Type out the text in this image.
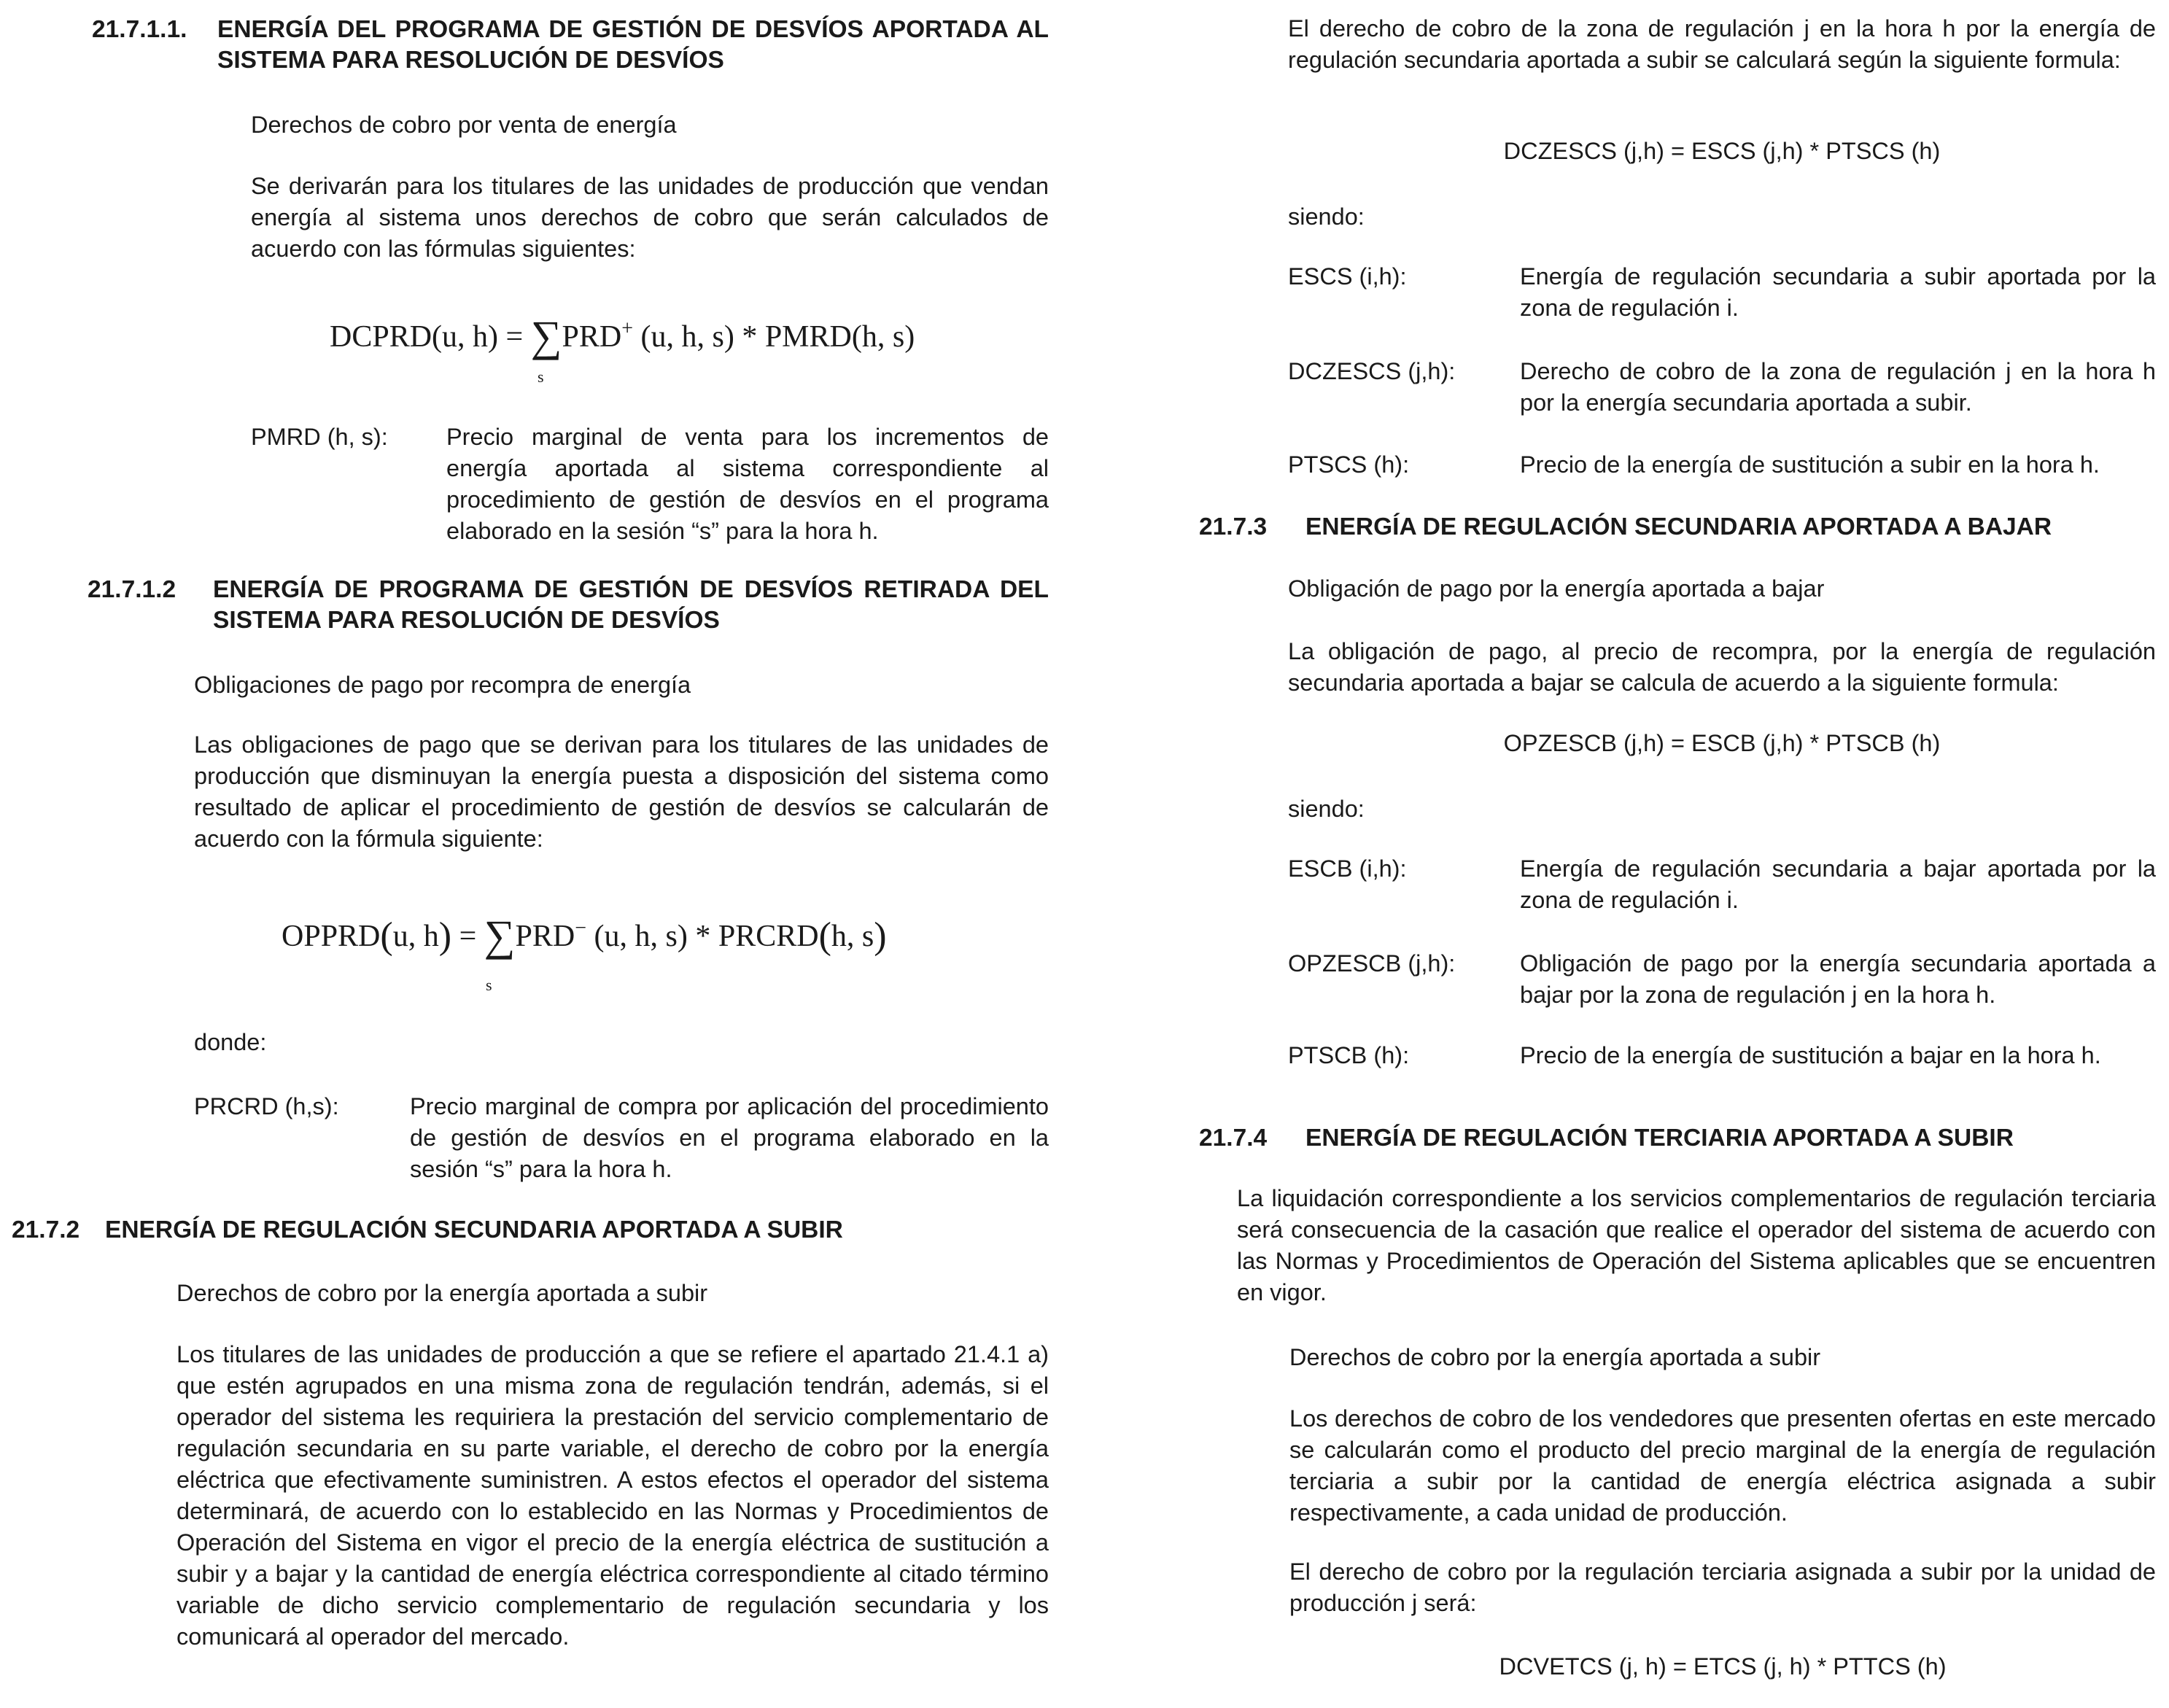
21.7.1.1. ENERGÍA DEL PROGRAMA DE GESTIÓN DE DESVÍOS APORTADA AL SISTEMA PARA RESOLUCIÓN DE DESVÍOS

Derechos de cobro por venta de energía

Se derivarán para los titulares de las unidades de producción que vendan energía al sistema unos derechos de cobro que serán calculados de acuerdo con las fórmulas siguientes:

DCPRD(u, h) = ∑PRD+ (u, h, s) * PMRD(h, s)
s
PMRD (h, s): Precio marginal de venta para los incrementos de energía aportada al sistema correspondiente al procedimiento de gestión de desvíos en el programa elaborado en la sesión “s” para la hora h.
21.7.1.2 ENERGÍA DE PROGRAMA DE GESTIÓN DE DESVÍOS RETIRADA DEL SISTEMA PARA RESOLUCIÓN DE DESVÍOS

Obligaciones de pago por recompra de energía

Las obligaciones de pago que se derivan para los titulares de las unidades de producción que disminuyan la energía puesta a disposición del sistema como resultado de aplicar el procedimiento de gestión de desvíos se calcularán de acuerdo con la fórmula siguiente:

OPPRD(u, h) = ∑PRD− (u, h, s) * PRCRD(h, s)
s

donde:

PRCRD (h,s):	Precio marginal de compra por aplicación del procedimiento de gestión de desvíos en el programa elaborado en la sesión “s” para la hora h.
21.7.2 ENERGÍA DE REGULACIÓN SECUNDARIA APORTADA A SUBIR

Derechos de cobro por la energía aportada a subir

Los titulares de las unidades de producción a que se refiere el apartado 21.4.1 a) que estén agrupados en una misma zona de regulación tendrán, además, si el operador del sistema les requiriera la prestación del servicio complementario de regulación secundaria en su parte variable, el derecho de cobro por la energía eléctrica que efectivamente suministren. A estos efectos el operador del sistema determinará, de acuerdo con lo establecido en las Normas y Procedimientos de Operación del Sistema en vigor el precio de la energía eléctrica de sustitución a subir y a bajar y la cantidad de energía eléctrica correspondiente al citado término variable de dicho servicio complementario de regulación secundaria y los comunicará al operador del mercado.

El derecho de cobro de la zona de regulación j en la hora h por la energía de regulación secundaria aportada a subir se calculará según la siguiente formula:

DCZESCS (j,h) = ESCS (j,h) * PTSCS (h)

siendo:

ESCS (i,h):	Energía de regulación secundaria a subir aportada por la zona de regulación i.
DCZESCS (j,h):	Derecho de cobro de la zona de regulación j en la hora h por la energía secundaria aportada a subir.
PTSCS (h):	Precio de la energía de sustitución a subir en la hora h.
21.7.3 ENERGÍA DE REGULACIÓN SECUNDARIA APORTADA A BAJAR

Obligación de pago por la energía aportada a bajar

La obligación de pago, al precio de recompra, por la energía de regulación secundaria aportada a bajar se calcula de acuerdo a la siguiente formula:

OPZESCB (j,h) = ESCB (j,h) * PTSCB (h)

siendo:

ESCB (i,h):	Energía de regulación secundaria a bajar aportada por la zona de regulación i.
OPZESCB (j,h):	Obligación de pago por la energía secundaria aportada a bajar por la zona de regulación j en la hora h.
PTSCB (h):	Precio de la energía de sustitución a bajar en la hora h.
21.7.4 ENERGÍA DE REGULACIÓN TERCIARIA APORTADA A SUBIR

La liquidación correspondiente a los servicios complementarios de regulación terciaria será consecuencia de la casación que realice el operador del sistema de acuerdo con las Normas y Procedimientos de Operación del Sistema aplicables que se encuentren en vigor.

Derechos de cobro por la energía aportada a subir

Los derechos de cobro de los vendedores que presenten ofertas en este mercado se calcularán como el producto del precio marginal de la energía de regulación terciaria a subir por la cantidad de energía eléctrica asignada a subir respectivamente, a cada unidad de producción.

El derecho de cobro por la regulación terciaria asignada a subir por la unidad de producción j será:

DCVETCS (j, h) = ETCS (j, h) * PTTCS (h)
